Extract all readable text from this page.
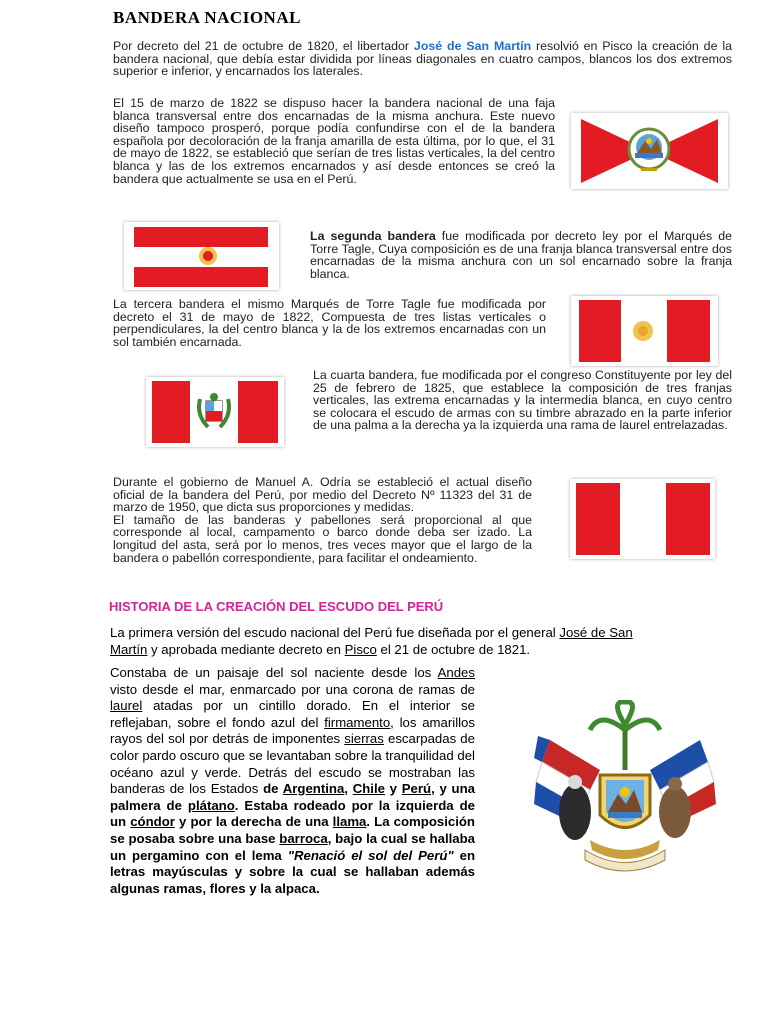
BANDERA NACIONAL
Por decreto del 21 de octubre de 1820, el libertador José de San Martín resolvió en Pisco la creación de la bandera nacional, que debía estar dividida por líneas diagonales en cuatro campos, blancos los dos extremos superior e inferior, y encarnados los laterales.
El 15 de marzo de 1822 se dispuso hacer la bandera nacional de una faja blanca transversal entre dos encarnadas de la misma anchura. Este nuevo diseño tampoco prosperó, porque podía confundirse con el de la bandera española por decoloración de la franja amarilla de esta última, por lo que, el 31 de mayo de 1822, se estableció que serían de tres listas verticales, la del centro blanca y las de los extremos encarnados y así desde entonces se creó la bandera que actualmente se usa en el Perú.
La segunda bandera fue modificada por decreto ley por el Marqués de Torre Tagle, Cuya composición es de una franja blanca transversal entre dos encarnadas de la misma anchura con un sol encarnado sobre la franja blanca.
La tercera bandera el mismo Marqués de Torre Tagle fue modificada por decreto el 31 de mayo de 1822, Compuesta de tres listas verticales o perpendiculares, la del centro blanca y la de los extremos encarnadas con un sol también encarnada.
La cuarta bandera, fue modificada por el congreso Constituyente por ley del 25 de febrero de 1825, que establece la composición de tres franjas verticales, las extrema encarnadas y la intermedia blanca, en cuyo centro se colocara el escudo de armas con su timbre abrazado en la parte inferior de una palma a la derecha ya la izquierda una rama de laurel entrelazadas.
Durante el gobierno de Manuel A. Odría se estableció el actual diseño oficial de la bandera del Perú, por medio del Decreto Nº 11323 del 31 de marzo de 1950, que dicta sus proporciones y medidas.
El tamaño de las banderas y pabellones será proporcional al que corresponde al local, campamento o barco donde deba ser izado. La longitud del asta, será por lo menos, tres veces mayor que el largo de la bandera o pabellón correspondiente, para facilitar el ondeamiento.
HISTORIA DE LA CREACIÓN DEL ESCUDO DEL PERÚ
La primera versión del escudo nacional del Perú fue diseñada por el general José de San Martín y aprobada mediante decreto en Pisco el 21 de octubre de 1821.
Constaba de un paisaje del sol naciente desde los Andes visto desde el mar, enmarcado por una corona de ramas de laurel atadas por un cintillo dorado. En el interior se reflejaban, sobre el fondo azul del firmamento, los amarillos rayos del sol por detrás de imponentes sierras escarpadas de color pardo oscuro que se levantaban sobre la tranquilidad del océano azul y verde. Detrás del escudo se mostraban las banderas de los Estados de Argentina, Chile y Perú, y una palmera de plátano. Estaba rodeado por la izquierda de un cóndor y por la derecha de una llama. La composición se posaba sobre una base barroca, bajo la cual se hallaba un pergamino con el lema "Renació el sol del Perú" en letras mayúsculas y sobre la cual se hallaban además algunas ramas, flores y la alpaca.
